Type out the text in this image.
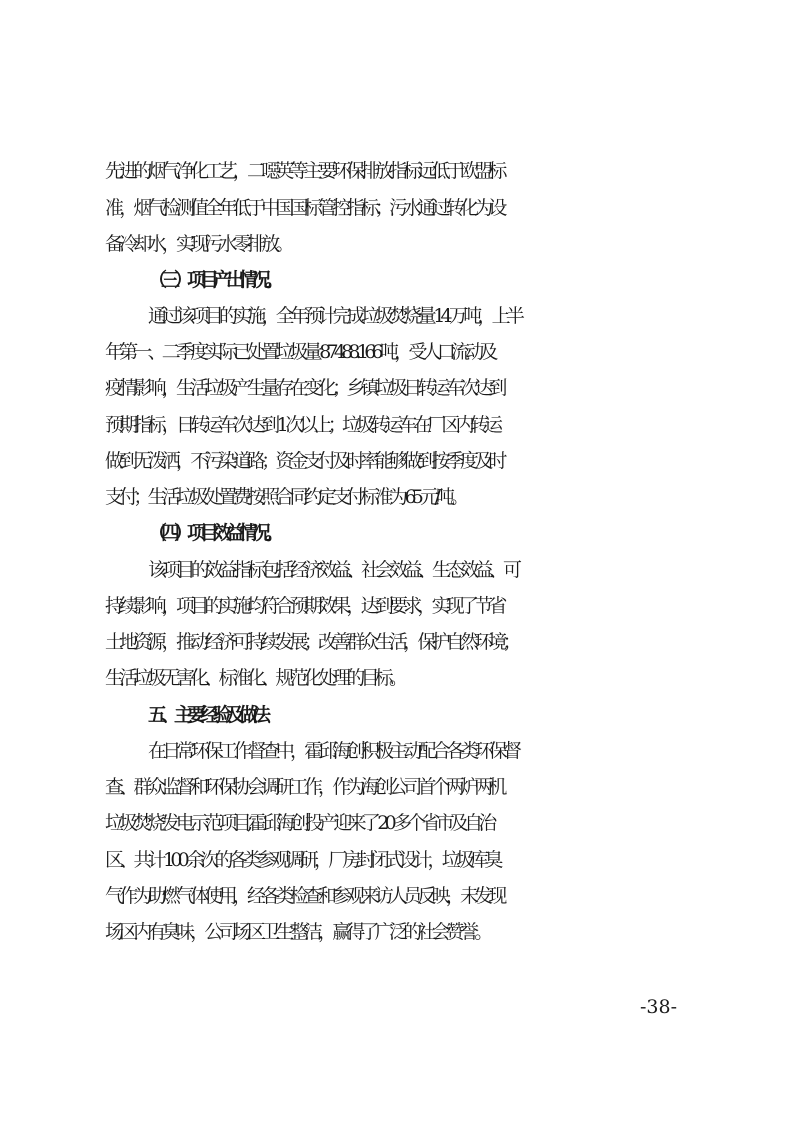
先进的烟气净化工艺，二噁英等主要环保排放指标远低于欧盟标
准，烟气检测值全年低于中国国标管控指标；污水通过转化为设
备冷却水，实现污水零排放。
（三）项目产出情况。
通过该项目的实施，全年预计完成垃圾焚烧量 14 万吨，上半
年第一、二季度实际已处置垃圾量 87488.166 吨，受人口流动及
疫情影响，生活垃圾产生量存在变化；乡镇垃圾日转运车次达到
预期指标，日转运车次达到 1 次以上；垃圾转运车在厂区内转运
做到无泼洒，不污染道路；资金支付及时率能够做到按季度及时
支付；生活垃圾处置费按照合同约定支付标准为 65 元/吨。
（四）项目效益情况。
该项目的效益指标包括经济效益、社会效益、生态效益、可
持续影响，项目的实施均符合预期效果，达到要求，实现了节省
土地资源，推动经济可持续发展；改善群众生活，保护自然环境；
生活垃圾无害化、标准化、规范化处理的目标。
五、主要经验及做法
在日常环保工作督查中，霍邱海创积极主动配合各类环保督
查、群众监督和环保协会调研工作，作为海创公司首个两炉两机
垃圾焚烧发电示范项目,霍邱海创投产迎来了 20 多个省市及自治
区、共计 100 余次的各类参观调研，厂房封闭式设计，垃圾库臭
气作为助燃气体使用，经各类检查和参观来访人员反映，未发现
场区内有臭味，公司场区卫生整洁，赢得了广泛的社会赞誉。
-38-
